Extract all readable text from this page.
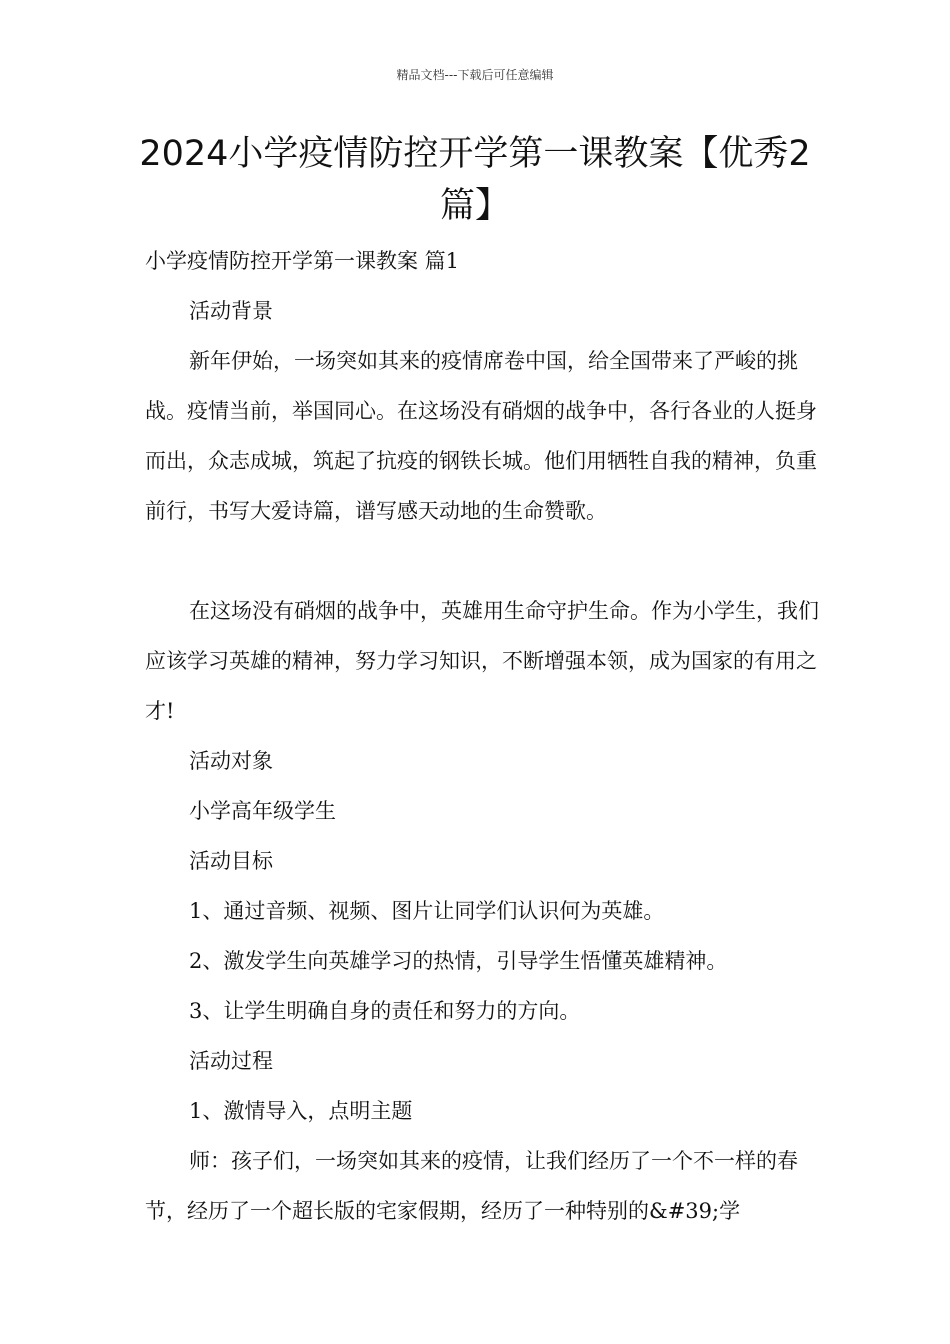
精品文档---下载后可任意编辑
2024小学疫情防控开学第一课教案【优秀2篇】

小学疫情防控开学第一课教案 篇1

活动背景

新年伊始，一场突如其来的疫情席卷中国，给全国带来了严峻的挑战。疫情当前，举国同心。在这场没有硝烟的战争中，各行各业的人挺身而出，众志成城，筑起了抗疫的钢铁长城。他们用牺牲自我的精神，负重前行，书写大爱诗篇，谱写感天动地的生命赞歌。

在这场没有硝烟的战争中，英雄用生命守护生命。作为小学生，我们应该学习英雄的精神，努力学习知识，不断增强本领，成为国家的有用之才!

活动对象

小学高年级学生

活动目标

1、通过音频、视频、图片让同学们认识何为英雄。

2、激发学生向英雄学习的热情，引导学生悟懂英雄精神。

3、让学生明确自身的责任和努力的方向。

活动过程

1、激情导入，点明主题

师：孩子们，一场突如其来的疫情，让我们经历了一个不一样的春节，经历了一个超长版的宅家假期，经历了一种特别的&#39;学
